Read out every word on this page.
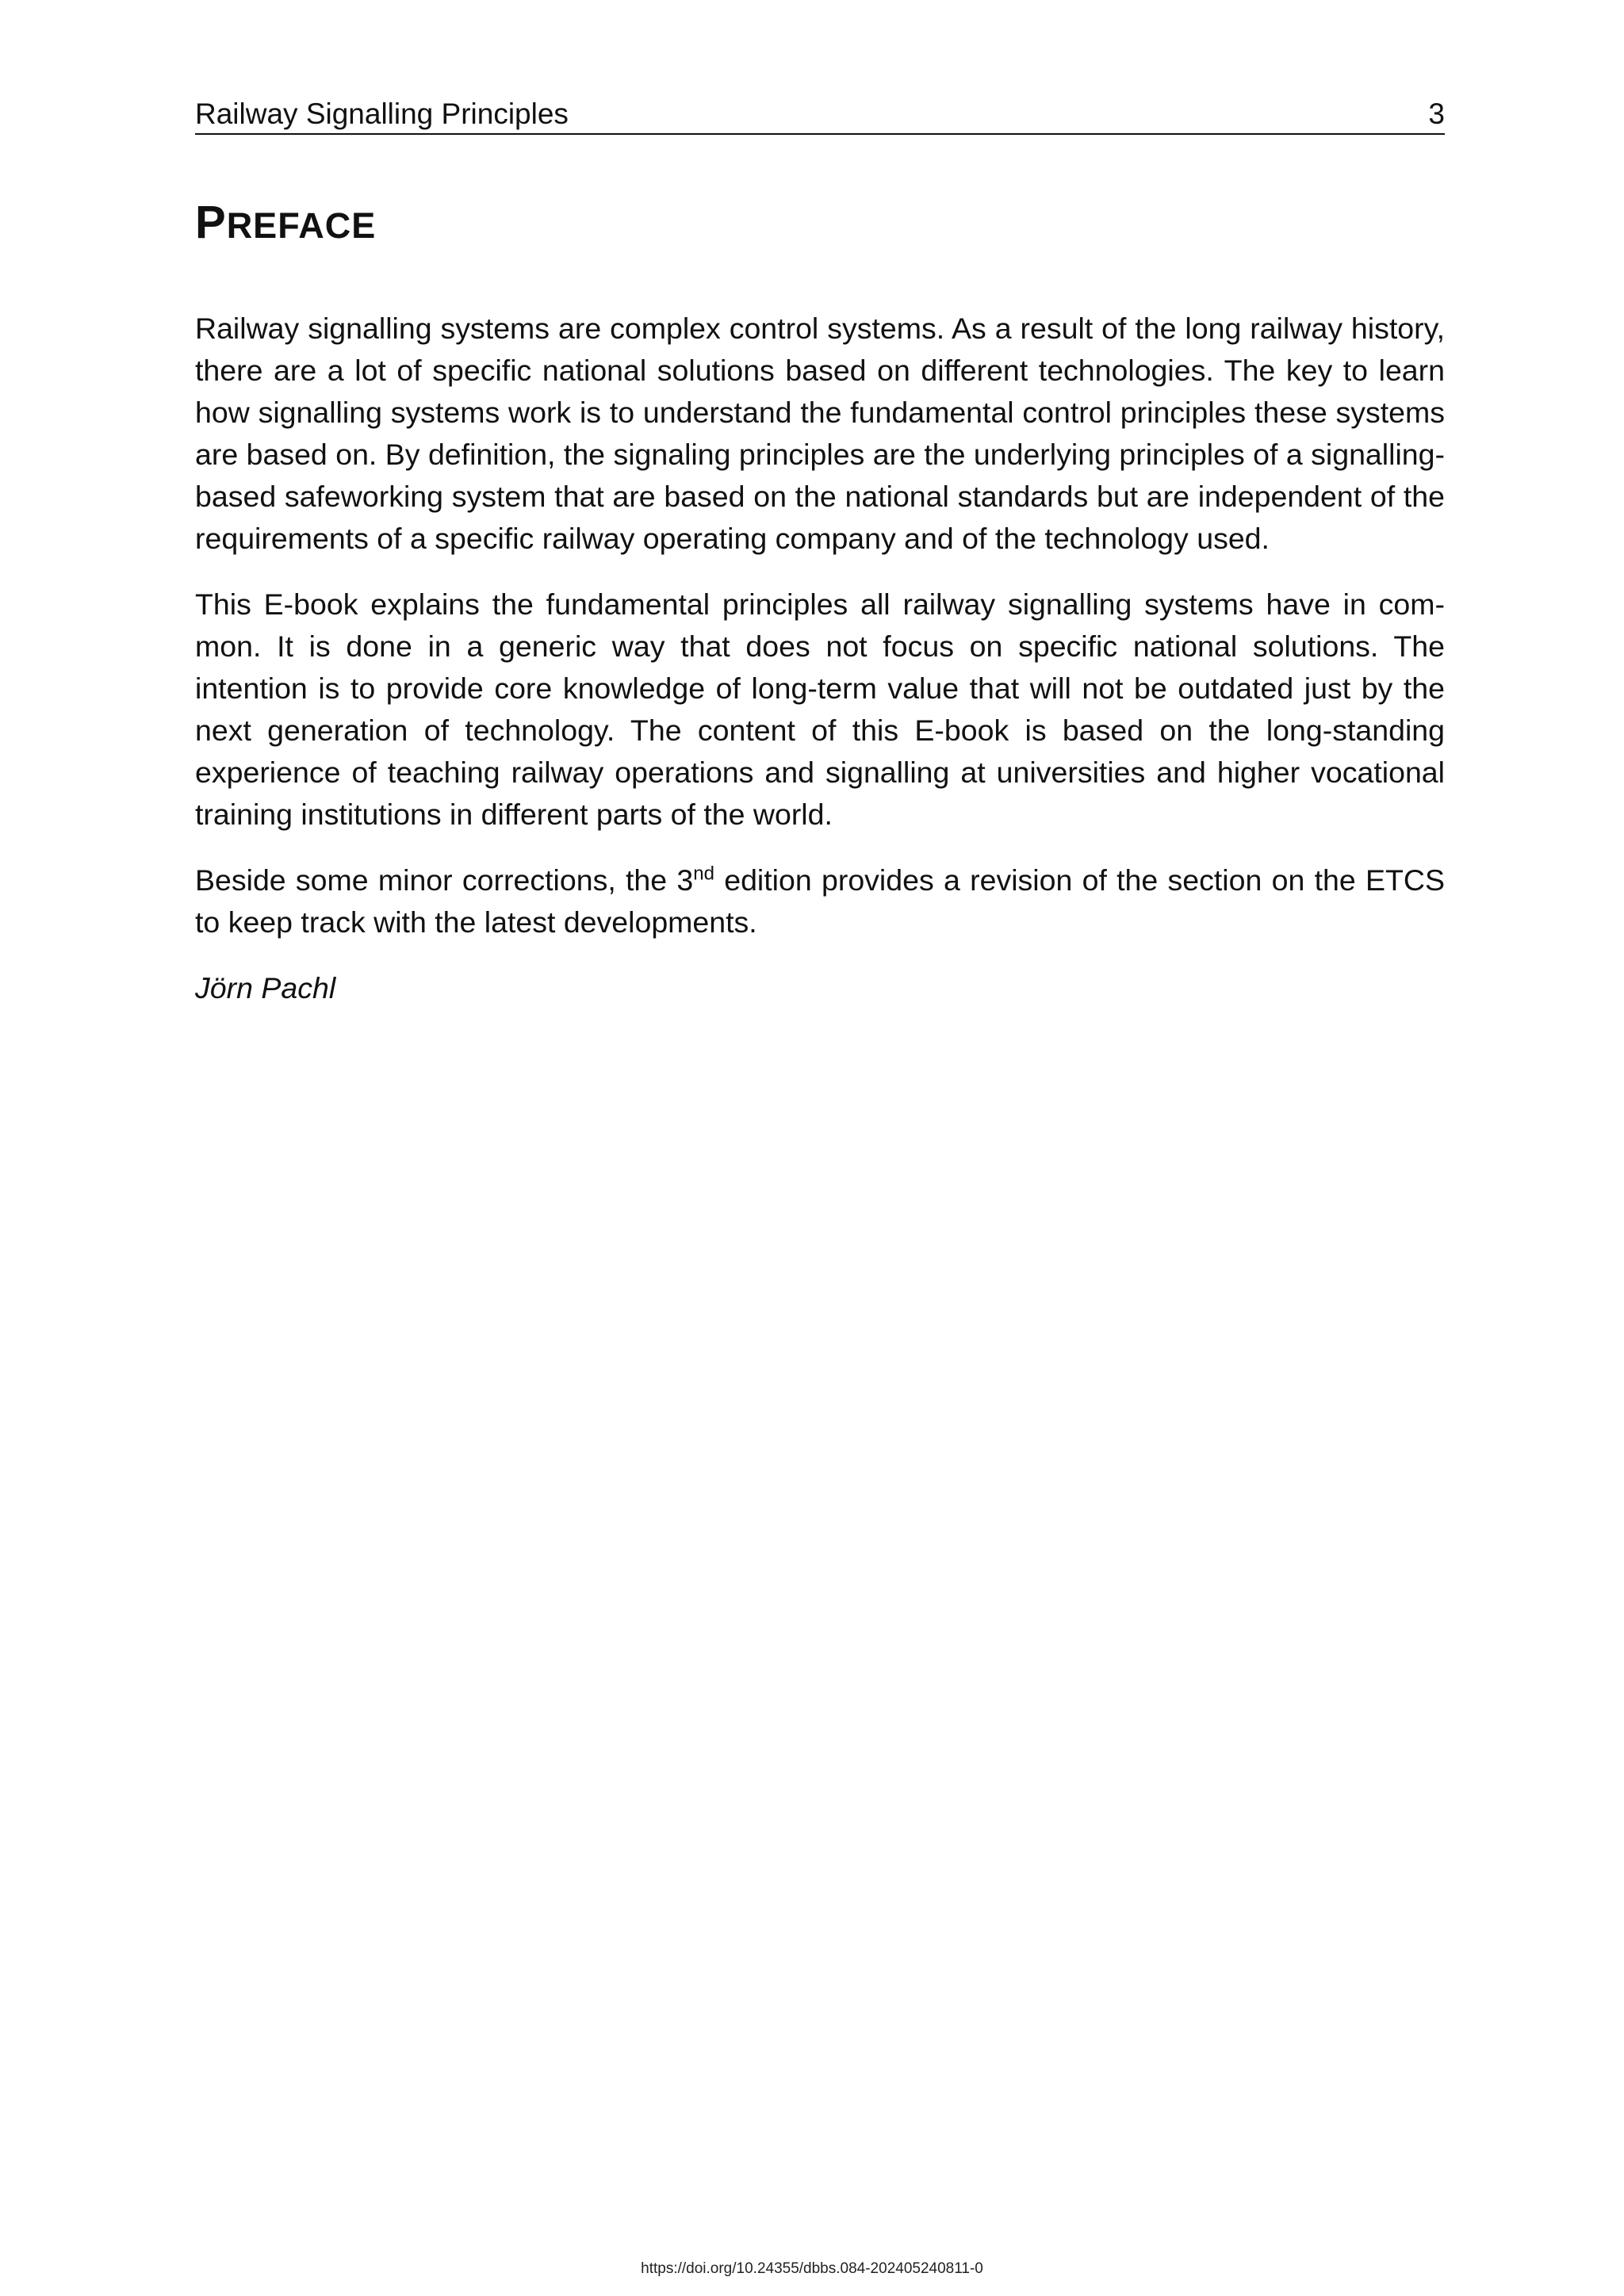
Railway Signalling Principles	3
PREFACE

Railway signalling systems are complex control systems. As a result of the long railway history, there are a lot of specific national solutions based on different technologies. The key to learn how signalling systems work is to understand the fundamental control principles these systems are based on. By definition, the signaling principles are the underlying principles of a signallingbased safeworking system that are based on the national standards but are independent of the requirements of a specific railway operating company and of the technology used.

This E-book explains the fundamental principles all railway signalling systems have in common. It is done in a generic way that does not focus on specific national solutions. The intention is to provide core knowledge of long-term value that will not be outdated just by the next generation of technology. The content of this E-book is based on the long-standing experience of teaching railway operations and signalling at universities and higher vocational training institutions in different parts of the world.

Beside some minor corrections, the 3nd edition provides a revision of the section on the ETCS to keep track with the latest developments.

Jörn Pachl

https://doi.org/10.24355/dbbs.084-202405240811-0
